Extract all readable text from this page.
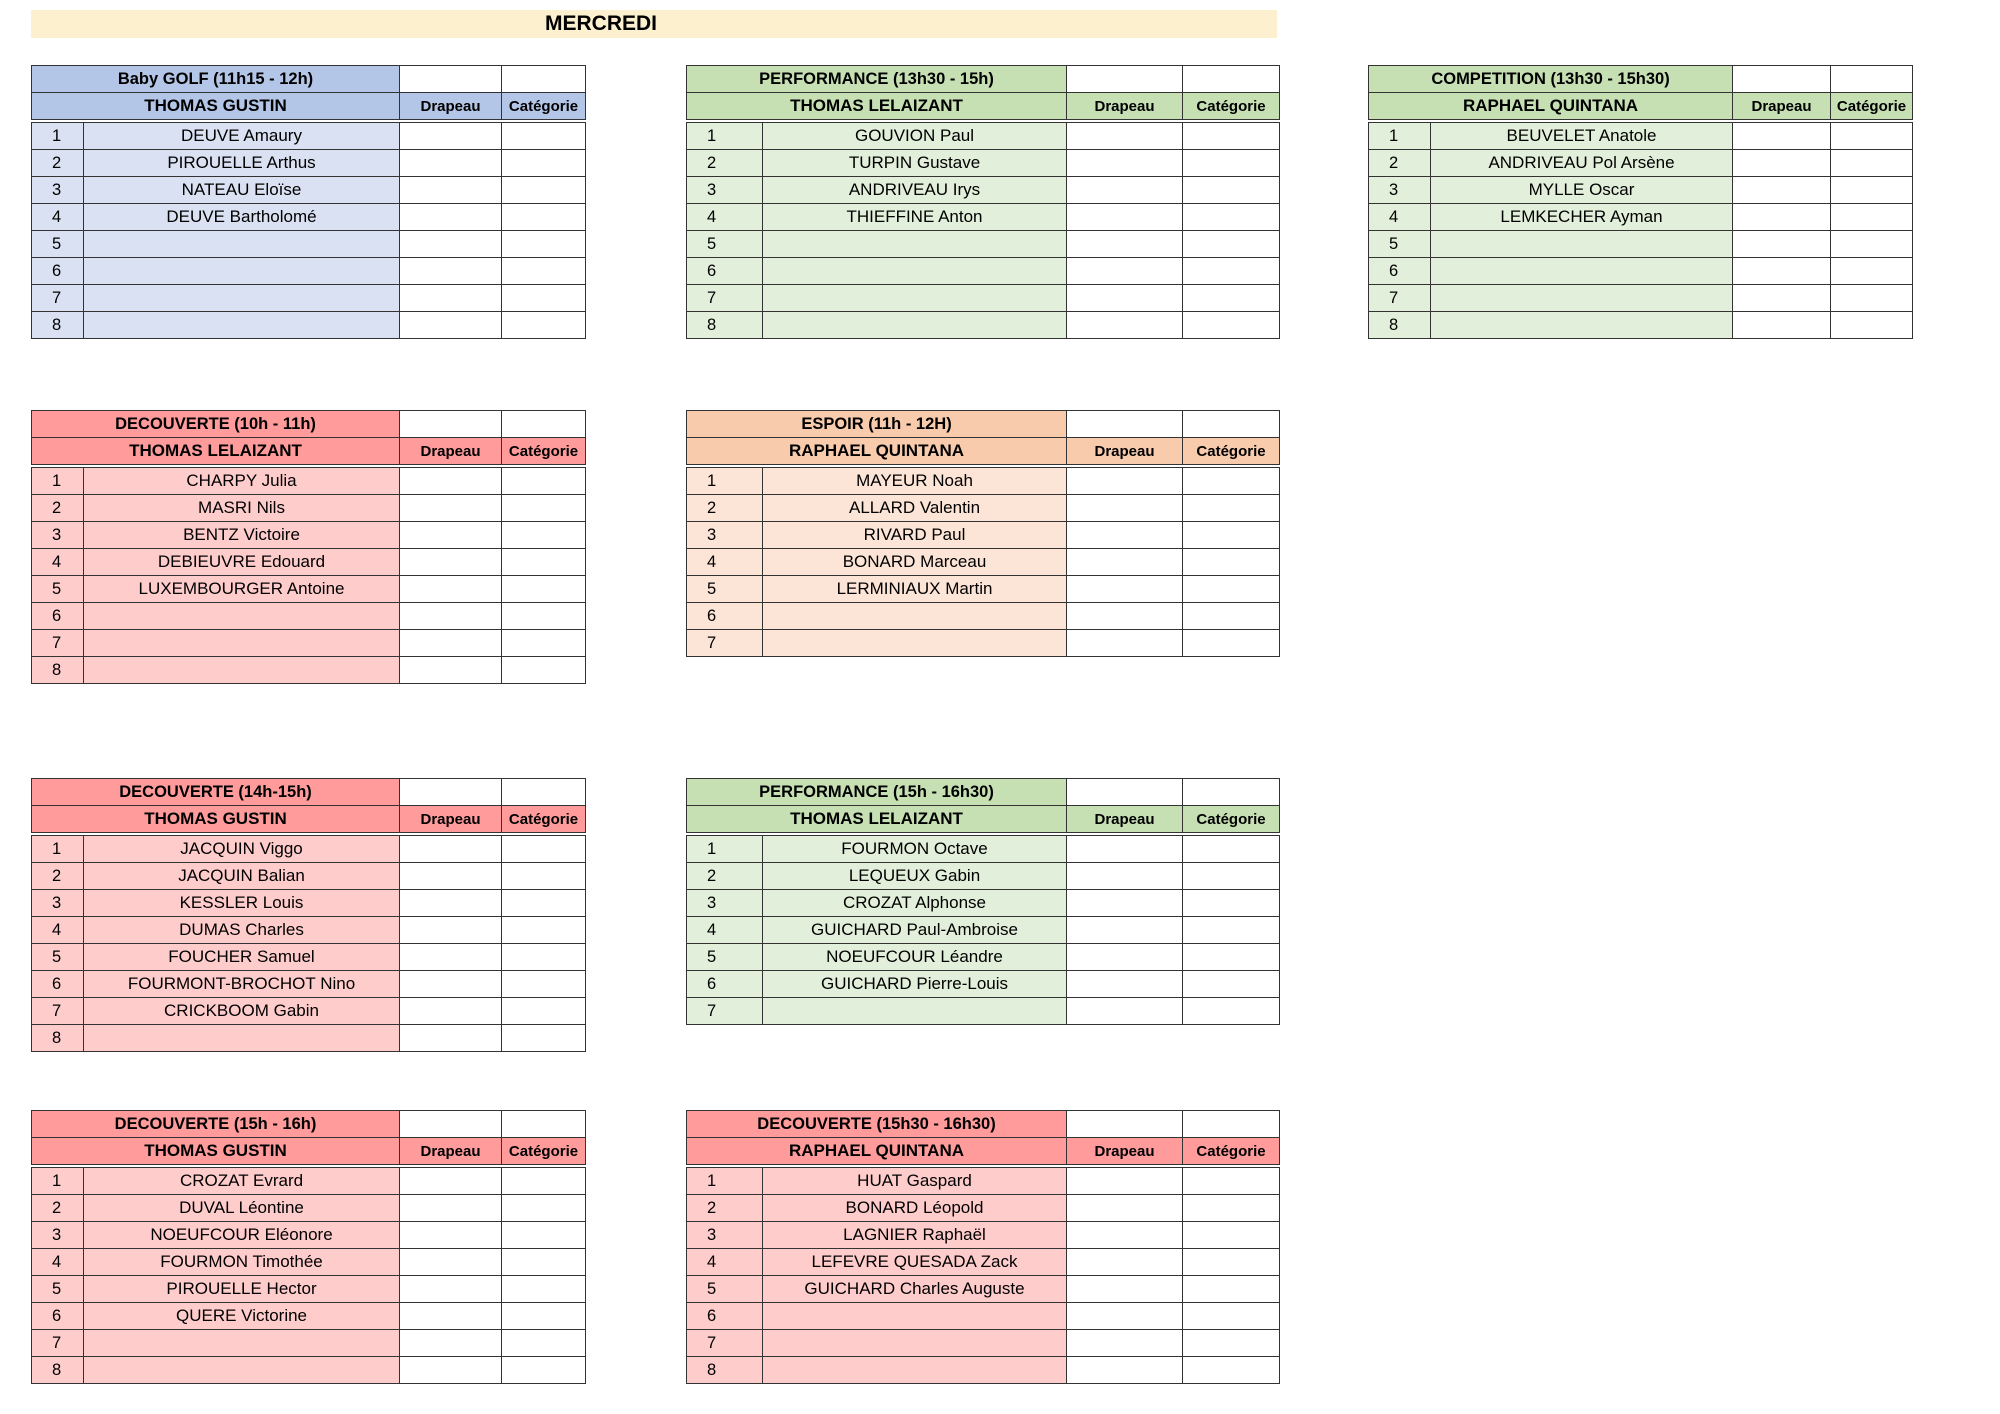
MERCREDI
Baby GOLF (11h15 - 12h)			
THOMAS GUSTIN		Drapeau	Catégorie

1	DEUVE Amaury		
2	PIROUELLE Arthus		
3	NATEAU Eloïse		
4	DEUVE Bartholomé		
5			
6			
7			
8			
PERFORMANCE (13h30 - 15h)			
THOMAS LELAIZANT		Drapeau	Catégorie

1	GOUVION Paul		
2	TURPIN Gustave		
3	ANDRIVEAU Irys		
4	THIEFFINE Anton		
5			
6			
7			
8			
COMPETITION (13h30 - 15h30)			
RAPHAEL QUINTANA		Drapeau	Catégorie

1	BEUVELET Anatole		
2	ANDRIVEAU Pol Arsène		
3	MYLLE Oscar		
4	LEMKECHER Ayman		
5			
6			
7			
8			
DECOUVERTE (10h - 11h)			
THOMAS LELAIZANT		Drapeau	Catégorie

1	CHARPY Julia		
2	MASRI Nils		
3	BENTZ Victoire		
4	DEBIEUVRE Edouard		
5	LUXEMBOURGER Antoine		
6			
7			
8			
ESPOIR (11h - 12H)			
RAPHAEL QUINTANA		Drapeau	Catégorie

1	MAYEUR Noah		
2	ALLARD Valentin		
3	RIVARD Paul		
4	BONARD Marceau		
5	LERMINIAUX Martin		
6			
7			
DECOUVERTE (14h-15h)			
THOMAS GUSTIN		Drapeau	Catégorie

1	JACQUIN Viggo		
2	JACQUIN Balian		
3	KESSLER Louis		
4	DUMAS Charles		
5	FOUCHER Samuel		
6	FOURMONT-BROCHOT Nino		
7	CRICKBOOM Gabin		
8			
PERFORMANCE (15h - 16h30)			
THOMAS LELAIZANT		Drapeau	Catégorie

1	FOURMON Octave		
2	LEQUEUX Gabin		
3	CROZAT Alphonse		
4	GUICHARD Paul-Ambroise		
5	NOEUFCOUR Léandre		
6	GUICHARD Pierre-Louis		
7			
DECOUVERTE (15h - 16h)			
THOMAS GUSTIN		Drapeau	Catégorie

1	CROZAT Evrard		
2	DUVAL Léontine		
3	NOEUFCOUR Eléonore		
4	FOURMON Timothée		
5	PIROUELLE Hector		
6	QUERE Victorine		
7			
8			
DECOUVERTE (15h30 - 16h30)			
RAPHAEL QUINTANA		Drapeau	Catégorie

1	HUAT Gaspard		
2	BONARD Léopold		
3	LAGNIER Raphaël		
4	LEFEVRE QUESADA Zack		
5	GUICHARD Charles Auguste		
6			
7			
8			
